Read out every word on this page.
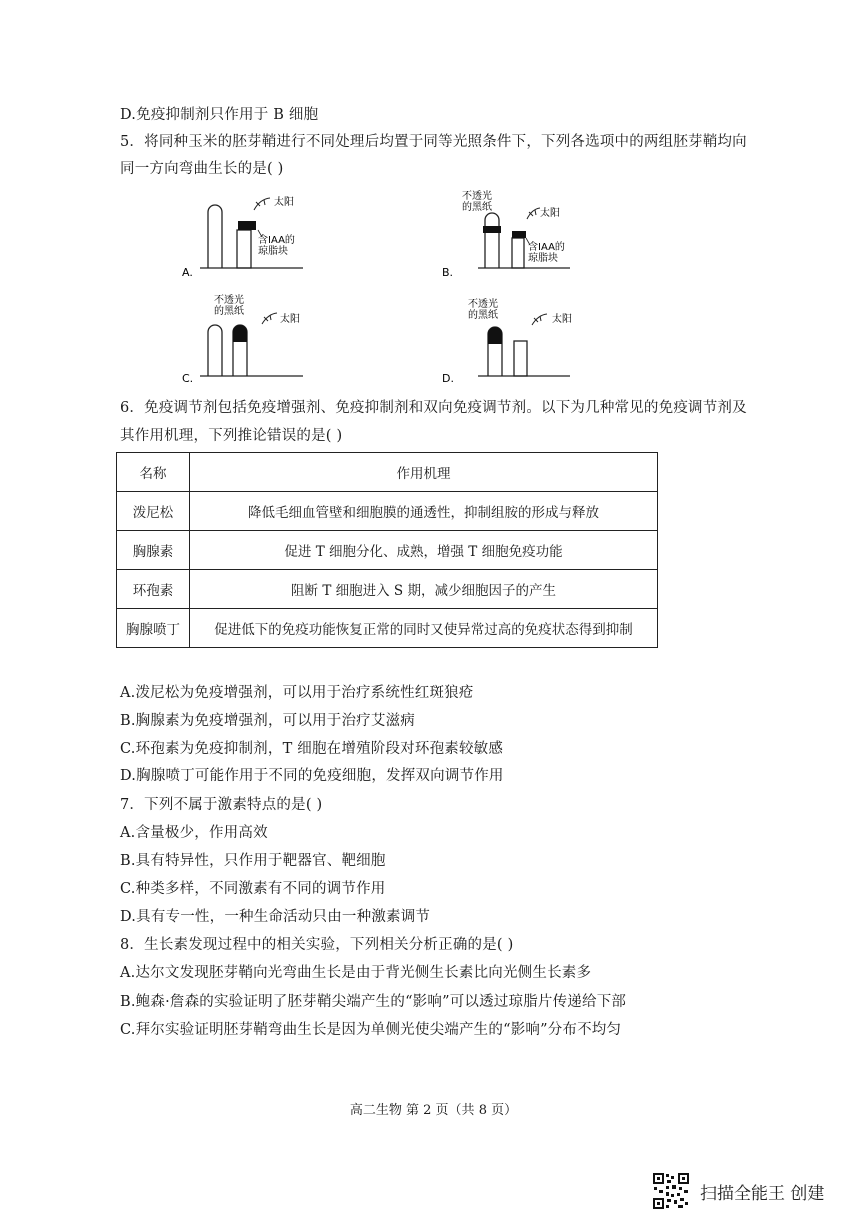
D.免疫抑制剂只作用于 B 细胞
5．将同种玉米的胚芽鞘进行不同处理后均置于同等光照条件下，下列各选项中的两组胚芽鞘均向
同一方向弯曲生长的是( )
太阳
含IAA的
琼脂块
A.
太阳
不透光
的黑纸
含IAA的
琼脂块
B.
太阳
不透光
的黑纸
C.
太阳
不透光
的黑纸
D.
6．免疫调节剂包括免疫增强剂、免疫抑制剂和双向免疫调节剂。以下为几种常见的免疫调节剂及
其作用机理，下列推论错误的是( )
名称	作用机理
泼尼松	降低毛细血管壁和细胞膜的通透性，抑制组胺的形成与释放
胸腺素	促进 T 细胞分化、成熟，增强 T 细胞免疫功能
环孢素	阻断 T 细胞进入 S 期，减少细胞因子的产生
胸腺喷丁	促进低下的免疫功能恢复正常的同时又使异常过高的免疫状态得到抑制
A.泼尼松为免疫增强剂，可以用于治疗系统性红斑狼疮
B.胸腺素为免疫增强剂，可以用于治疗艾滋病
C.环孢素为免疫抑制剂，T 细胞在增殖阶段对环孢素较敏感
D.胸腺喷丁可能作用于不同的免疫细胞，发挥双向调节作用
7．下列不属于激素特点的是( )
A.含量极少，作用高效
B.具有特异性，只作用于靶器官、靶细胞
C.种类多样，不同激素有不同的调节作用
D.具有专一性，一种生命活动只由一种激素调节
8．生长素发现过程中的相关实验，下列相关分析正确的是( )
A.达尔文发现胚芽鞘向光弯曲生长是由于背光侧生长素比向光侧生长素多
B.鲍森·詹森的实验证明了胚芽鞘尖端产生的“影响”可以透过琼脂片传递给下部
C.拜尔实验证明胚芽鞘弯曲生长是因为单侧光使尖端产生的“影响”分布不均匀
高二生物 第 2 页（共 8 页）
扫描全能王 创建
